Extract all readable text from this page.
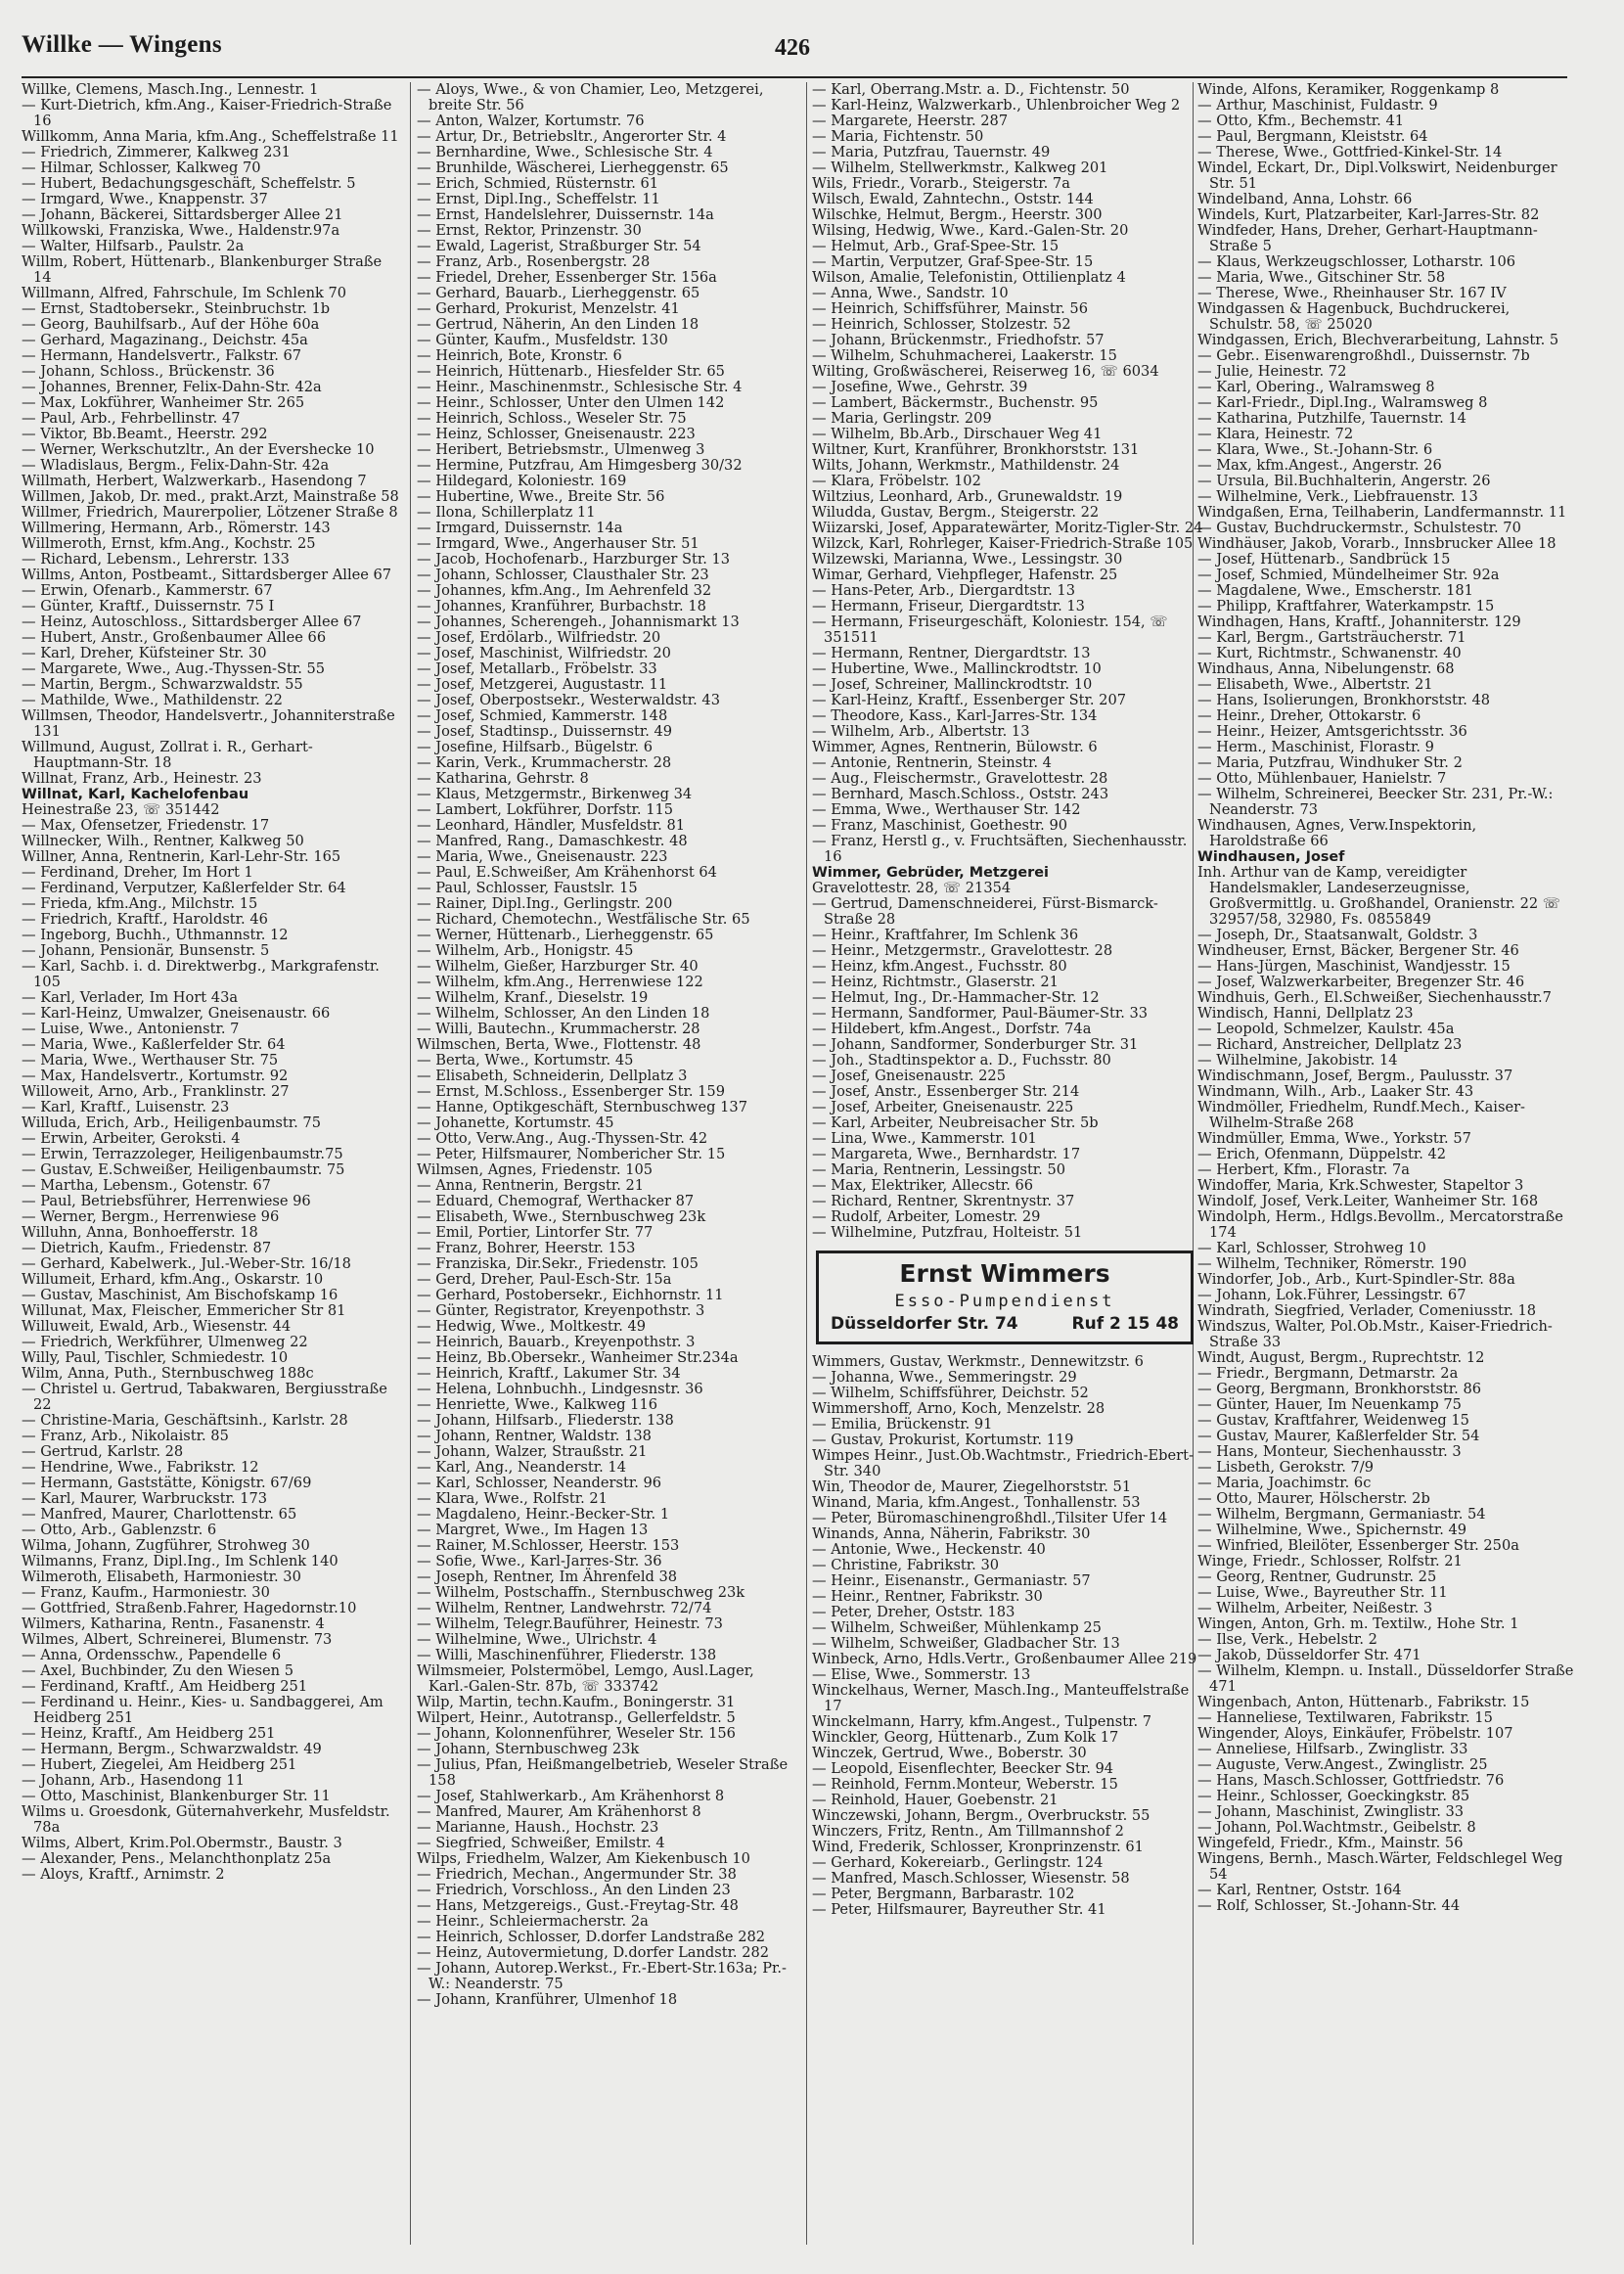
Willke — Wingens	426
Willke, Clemens, Masch.Ing., Lennestr. 1
— Kurt-Dietrich, kfm.Ang., Kaiser-Friedrich-Straße 16
Willkomm, Anna Maria, kfm.Ang., Scheffelstraße 11
— Friedrich, Zimmerer, Kalkweg 231
— Hilmar, Schlosser, Kalkweg 70
— Hubert, Bedachungsgeschäft, Scheffelstr. 5
— Irmgard, Wwe., Knappenstr. 37
— Johann, Bäckerei, Sittardsberger Allee 21
Willkowski, Franziska, Wwe., Haldenstr.97a
— Walter, Hilfsarb., Paulstr. 2a
Willm, Robert, Hüttenarb., Blankenburger Straße 14
Willmann, Alfred, Fahrschule, Im Schlenk 70
— Ernst, Stadtobersekr., Steinbruchstr. 1b
— Georg, Bauhilfsarb., Auf der Höhe 60a
— Gerhard, Magazinang., Deichstr. 45a
— Hermann, Handelsvertr., Falkstr. 67
— Johann, Schloss., Brückenstr. 36
— Johannes, Brenner, Felix-Dahn-Str. 42a
— Max, Lokführer, Wanheimer Str. 265
— Paul, Arb., Fehrbellinstr. 47
— Viktor, Bb.Beamt., Heerstr. 292
— Werner, Werkschutzltr., An der Evershecke 10
— Wladislaus, Bergm., Felix-Dahn-Str. 42a
Willmath, Herbert, Walzwerkarb., Hasendong 7
Willmen, Jakob, Dr. med., prakt.Arzt, Mainstraße 58
Willmer, Friedrich, Maurerpolier, Lötzener Straße 8
Willmering, Hermann, Arb., Römerstr. 143
Willmeroth, Ernst, kfm.Ang., Kochstr. 25
— Richard, Lebensm., Lehrerstr. 133
Willms, Anton, Postbeamt., Sittardsberger Allee 67
— Erwin, Ofenarb., Kammerstr. 67
— Günter, Kraftf., Duissernstr. 75 I
— Heinz, Autoschloss., Sittardsberger Allee 67
— Hubert, Anstr., Großenbaumer Allee 66
— Karl, Dreher, Küfsteiner Str. 30
— Margarete, Wwe., Aug.-Thyssen-Str. 55
— Martin, Bergm., Schwarzwaldstr. 55
— Mathilde, Wwe., Mathildenstr. 22
Willmsen, Theodor, Handelsvertr., Johanniterstraße 131
Willmund, August, Zollrat i. R., Gerhart-Hauptmann-Str. 18
Willnat, Franz, Arb., Heinestr. 23
Willnat, Karl, Kachelofenbau
Heinestraße 23, ☏ 351442
— Max, Ofensetzer, Friedenstr. 17
Willnecker, Wilh., Rentner, Kalkweg 50
Willner, Anna, Rentnerin, Karl-Lehr-Str. 165
— Ferdinand, Dreher, Im Hort 1
— Ferdinand, Verputzer, Kaßlerfelder Str. 64
— Frieda, kfm.Ang., Milchstr. 15
— Friedrich, Kraftf., Haroldstr. 46
— Ingeborg, Buchh., Uthmannstr. 12
— Johann, Pensionär, Bunsenstr. 5
— Karl, Sachb. i. d. Direktwerbg., Markgrafenstr. 105
— Karl, Verlader, Im Hort 43a
— Karl-Heinz, Umwalzer, Gneisenaustr. 66
— Luise, Wwe., Antonienstr. 7
— Maria, Wwe., Kaßlerfelder Str. 64
— Maria, Wwe., Werthauser Str. 75
— Max, Handelsvertr., Kortumstr. 92
Willoweit, Arno, Arb., Franklinstr. 27
— Karl, Kraftf., Luisenstr. 23
Willuda, Erich, Arb., Heiligenbaumstr. 75
— Erwin, Arbeiter, Geroksti. 4
— Erwin, Terrazzoleger, Heiligenbaumstr.75
— Gustav, E.Schweißer, Heiligenbaumstr. 75
— Martha, Lebensm., Gotenstr. 67
— Paul, Betriebsführer, Herrenwiese 96
— Werner, Bergm., Herrenwiese 96
Willuhn, Anna, Bonhoefferstr. 18
— Dietrich, Kaufm., Friedenstr. 87
— Gerhard, Kabelwerk., Jul.-Weber-Str. 16/18
Willumeit, Erhard, kfm.Ang., Oskarstr. 10
— Gustav, Maschinist, Am Bischofskamp 16
Willunat, Max, Fleischer, Emmericher Str 81
Willuweit, Ewald, Arb., Wiesenstr. 44
— Friedrich, Werkführer, Ulmenweg 22
Willy, Paul, Tischler, Schmiedestr. 10
Wilm, Anna, Puth., Sternbuschweg 188c
— Christel u. Gertrud, Tabakwaren, Bergiusstraße 22
— Christine-Maria, Geschäftsinh., Karlstr. 28
— Franz, Arb., Nikolaistr. 85
— Gertrud, Karlstr. 28
— Hendrine, Wwe., Fabrikstr. 12
— Hermann, Gaststätte, Königstr. 67/69
— Karl, Maurer, Warbruckstr. 173
— Manfred, Maurer, Charlottenstr. 65
— Otto, Arb., Gablenzstr. 6
Wilma, Johann, Zugführer, Strohweg 30
Wilmanns, Franz, Dipl.Ing., Im Schlenk 140
Wilmeroth, Elisabeth, Harmoniestr. 30
— Franz, Kaufm., Harmoniestr. 30
— Gottfried, Straßenb.Fahrer, Hagedornstr.10
Wilmers, Katharina, Rentn., Fasanenstr. 4
Wilmes, Albert, Schreinerei, Blumenstr. 73
— Anna, Ordensschw., Papendelle 6
— Axel, Buchbinder, Zu den Wiesen 5
— Ferdinand, Kraftf., Am Heidberg 251
— Ferdinand u. Heinr., Kies- u. Sandbaggerei, Am Heidberg 251
— Heinz, Kraftf., Am Heidberg 251
— Hermann, Bergm., Schwarzwaldstr. 49
— Hubert, Ziegelei, Am Heidberg 251
— Johann, Arb., Hasendong 11
— Otto, Maschinist, Blankenburger Str. 11
Wilms u. Groesdonk, Güternahverkehr, Musfeldstr. 78a
Wilms, Albert, Krim.Pol.Obermstr., Baustr. 3
— Alexander, Pens., Melanchthonplatz 25a
— Aloys, Kraftf., Arnimstr. 2
— Aloys, Wwe., & von Chamier, Leo, Metzgerei, breite Str. 56
— Anton, Walzer, Kortumstr. 76
— Artur, Dr., Betriebsltr., Angerorter Str. 4
— Bernhardine, Wwe., Schlesische Str. 4
— Brunhilde, Wäscherei, Lierheggenstr. 65
— Erich, Schmied, Rüsternstr. 61
— Ernst, Dipl.Ing., Scheffelstr. 11
— Ernst, Handelslehrer, Duissernstr. 14a
— Ernst, Rektor, Prinzenstr. 30
— Ewald, Lagerist, Straßburger Str. 54
— Franz, Arb., Rosenbergstr. 28
— Friedel, Dreher, Essenberger Str. 156a
— Gerhard, Bauarb., Lierheggenstr. 65
— Gerhard, Prokurist, Menzelstr. 41
— Gertrud, Näherin, An den Linden 18
— Günter, Kaufm., Musfeldstr. 130
— Heinrich, Bote, Kronstr. 6
— Heinrich, Hüttenarb., Hiesfelder Str. 65
— Heinr., Maschinenmstr., Schlesische Str. 4
— Heinr., Schlosser, Unter den Ulmen 142
— Heinrich, Schloss., Weseler Str. 75
— Heinz, Schlosser, Gneisenaustr. 223
— Heribert, Betriebsmstr., Ulmenweg 3
— Hermine, Putzfrau, Am Himgesberg 30/32
— Hildegard, Koloniestr. 169
— Hubertine, Wwe., Breite Str. 56
— Ilona, Schillerplatz 11
— Irmgard, Duissernstr. 14a
— Irmgard, Wwe., Angerhauser Str. 51
— Jacob, Hochofenarb., Harzburger Str. 13
— Johann, Schlosser, Clausthaler Str. 23
— Johannes, kfm.Ang., Im Aehrenfeld 32
— Johannes, Kranführer, Burbachstr. 18
— Johannes, Scherengeh., Johannismarkt 13
— Josef, Erdölarb., Wilfriedstr. 20
— Josef, Maschinist, Wilfriedstr. 20
— Josef, Metallarb., Fröbelstr. 33
— Josef, Metzgerei, Augustastr. 11
— Josef, Oberpostsekr., Westerwaldstr. 43
— Josef, Schmied, Kammerstr. 148
— Josef, Stadtinsp., Duissernstr. 49
— Josefine, Hilfsarb., Bügelstr. 6
— Karin, Verk., Krummacherstr. 28
— Katharina, Gehrstr. 8
— Klaus, Metzgermstr., Birkenweg 34
— Lambert, Lokführer, Dorfstr. 115
— Leonhard, Händler, Musfeldstr. 81
— Manfred, Rang., Damaschkestr. 48
— Maria, Wwe., Gneisenaustr. 223
— Paul, E.Schweißer, Am Krähenhorst 64
— Paul, Schlosser, Faustslr. 15
— Rainer, Dipl.Ing., Gerlingstr. 200
— Richard, Chemotechn., Westfälische Str. 65
— Werner, Hüttenarb., Lierheggenstr. 65
— Wilhelm, Arb., Honigstr. 45
— Wilhelm, Gießer, Harzburger Str. 40
— Wilhelm, kfm.Ang., Herrenwiese 122
— Wilhelm, Kranf., Dieselstr. 19
— Wilhelm, Schlosser, An den Linden 18
— Willi, Bautechn., Krummacherstr. 28
Wilmschen, Berta, Wwe., Flottenstr. 48
— Berta, Wwe., Kortumstr. 45
— Elisabeth, Schneiderin, Dellplatz 3
— Ernst, M.Schloss., Essenberger Str. 159
— Hanne, Optikgeschäft, Sternbuschweg 137
— Johanette, Kortumstr. 45
— Otto, Verw.Ang., Aug.-Thyssen-Str. 42
— Peter, Hilfsmaurer, Nombericher Str. 15
Wilmsen, Agnes, Friedenstr. 105
— Anna, Rentnerin, Bergstr. 21
— Eduard, Chemograf, Werthacker 87
— Elisabeth, Wwe., Sternbuschweg 23k
— Emil, Portier, Lintorfer Str. 77
— Franz, Bohrer, Heerstr. 153
— Franziska, Dir.Sekr., Friedenstr. 105
— Gerd, Dreher, Paul-Esch-Str. 15a
— Gerhard, Postobersekr., Eichhornstr. 11
— Günter, Registrator, Kreyenpothstr. 3
— Hedwig, Wwe., Moltkestr. 49
— Heinrich, Bauarb., Kreyenpothstr. 3
— Heinz, Bb.Obersekr., Wanheimer Str.234a
— Heinrich, Kraftf., Lakumer Str. 34
— Helena, Lohnbuchh., Lindgesnstr. 36
— Henriette, Wwe., Kalkweg 116
— Johann, Hilfsarb., Fliederstr. 138
— Johann, Rentner, Waldstr. 138
— Johann, Walzer, Straußstr. 21
— Karl, Ang., Neanderstr. 14
— Karl, Schlosser, Neanderstr. 96
— Klara, Wwe., Rolfstr. 21
— Magdaleno, Heinr.-Becker-Str. 1
— Margret, Wwe., Im Hagen 13
— Rainer, M.Schlosser, Heerstr. 153
— Sofie, Wwe., Karl-Jarres-Str. 36
— Joseph, Rentner, Im Ährenfeld 38
— Wilhelm, Postschaffn., Sternbuschweg 23k
— Wilhelm, Rentner, Landwehrstr. 72/74
— Wilhelm, Telegr.Bauführer, Heinestr. 73
— Wilhelmine, Wwe., Ulrichstr. 4
— Willi, Maschinenführer, Fliederstr. 138
Wilmsmeier, Polstermöbel, Lemgo, Ausl.Lager, Karl.-Galen-Str. 87b, ☏ 333742
Wilp, Martin, techn.Kaufm., Boningerstr. 31
Wilpert, Heinr., Autotransp., Gellerfeldstr. 5
— Johann, Kolonnenführer, Weseler Str. 156
— Johann, Sternbuschweg 23k
— Julius, Pfan, Heißmangelbetrieb, Weseler Straße 158
— Josef, Stahlwerkarb., Am Krähenhorst 8
— Manfred, Maurer, Am Krähenhorst 8
— Marianne, Haush., Hochstr. 23
— Siegfried, Schweißer, Emilstr. 4
Wilps, Friedhelm, Walzer, Am Kiekenbusch 10
— Friedrich, Mechan., Angermunder Str. 38
— Friedrich, Vorschloss., An den Linden 23
— Hans, Metzgereigs., Gust.-Freytag-Str. 48
— Heinr., Schleiermacherstr. 2a
— Heinrich, Schlosser, D.dorfer Landstraße 282
— Heinz, Autovermietung, D.dorfer Landstr. 282
— Johann, Autorep.Werkst., Fr.-Ebert-Str.163a; Pr.-W.: Neanderstr. 75
— Johann, Kranführer, Ulmenhof 18
— Karl, Oberrang.Mstr. a. D., Fichtenstr. 50
— Karl-Heinz, Walzwerkarb., Uhlenbroicher Weg 2
— Margarete, Heerstr. 287
— Maria, Fichtenstr. 50
— Maria, Putzfrau, Tauernstr. 49
— Wilhelm, Stellwerkmstr., Kalkweg 201
Wils, Friedr., Vorarb., Steigerstr. 7a
Wilsch, Ewald, Zahntechn., Oststr. 144
Wilschke, Helmut, Bergm., Heerstr. 300
Wilsing, Hedwig, Wwe., Kard.-Galen-Str. 20
— Helmut, Arb., Graf-Spee-Str. 15
— Martin, Verputzer, Graf-Spee-Str. 15
Wilson, Amalie, Telefonistin, Ottilienplatz 4
— Anna, Wwe., Sandstr. 10
— Heinrich, Schiffsführer, Mainstr. 56
— Heinrich, Schlosser, Stolzestr. 52
— Johann, Brückenmstr., Friedhofstr. 57
— Wilhelm, Schuhmacherei, Laakerstr. 15
Wilting, Großwäscherei, Reiserweg 16, ☏ 6034
— Josefine, Wwe., Gehrstr. 39
— Lambert, Bäckermstr., Buchenstr. 95
— Maria, Gerlingstr. 209
— Wilhelm, Bb.Arb., Dirschauer Weg 41
Wiltner, Kurt, Kranführer, Bronkhorststr. 131
Wilts, Johann, Werkmstr., Mathildenstr. 24
— Klara, Fröbelstr. 102
Wiltzius, Leonhard, Arb., Grunewaldstr. 19
Wiludda, Gustav, Bergm., Steigerstr. 22
Wiizarski, Josef, Apparatewärter, Moritz-Tigler-Str. 24
Wilzck, Karl, Rohrleger, Kaiser-Friedrich-Straße 105
Wilzewski, Marianna, Wwe., Lessingstr. 30
Wimar, Gerhard, Viehpfleger, Hafenstr. 25
— Hans-Peter, Arb., Diergardtstr. 13
— Hermann, Friseur, Diergardtstr. 13
— Hermann, Friseurgeschäft, Koloniestr. 154, ☏ 351511
— Hermann, Rentner, Diergardtstr. 13
— Hubertine, Wwe., Mallinckrodtstr. 10
— Josef, Schreiner, Mallinckrodtstr. 10
— Karl-Heinz, Kraftf., Essenberger Str. 207
— Theodore, Kass., Karl-Jarres-Str. 134
— Wilhelm, Arb., Albertstr. 13
Wimmer, Agnes, Rentnerin, Bülowstr. 6
— Antonie, Rentnerin, Steinstr. 4
— Aug., Fleischermstr., Gravelottestr. 28
— Bernhard, Masch.Schloss., Oststr. 243
— Emma, Wwe., Werthauser Str. 142
— Franz, Maschinist, Goethestr. 90
— Franz, Herstl g., v. Fruchtsäften, Siechenhausstr. 16
Wimmer, Gebrüder, Metzgerei
Gravelottestr. 28, ☏ 21354
— Gertrud, Damenschneiderei, Fürst-Bismarck-Straße 28
— Heinr., Kraftfahrer, Im Schlenk 36
— Heinr., Metzgermstr., Gravelottestr. 28
— Heinz, kfm.Angest., Fuchsstr. 80
— Heinz, Richtmstr., Glaserstr. 21
— Helmut, Ing., Dr.-Hammacher-Str. 12
— Hermann, Sandformer, Paul-Bäumer-Str. 33
— Hildebert, kfm.Angest., Dorfstr. 74a
— Johann, Sandformer, Sonderburger Str. 31
— Joh., Stadtinspektor a. D., Fuchsstr. 80
— Josef, Gneisenaustr. 225
— Josef, Anstr., Essenberger Str. 214
— Josef, Arbeiter, Gneisenaustr. 225
— Karl, Arbeiter, Neubreisacher Str. 5b
— Lina, Wwe., Kammerstr. 101
— Margareta, Wwe., Bernhardstr. 17
— Maria, Rentnerin, Lessingstr. 50
— Max, Elektriker, Allecstr. 66
— Richard, Rentner, Skrentnystr. 37
— Rudolf, Arbeiter, Lomestr. 29
— Wilhelmine, Putzfrau, Holteistr. 51
Ernst Wimmers
Esso-Pumpendienst
Düsseldorfer Str. 74	Ruf 2 15 48
Wimmers, Gustav, Werkmstr., Dennewitzstr. 6
— Johanna, Wwe., Semmeringstr. 29
— Wilhelm, Schiffsführer, Deichstr. 52
Wimmershoff, Arno, Koch, Menzelstr. 28
— Emilia, Brückenstr. 91
— Gustav, Prokurist, Kortumstr. 119
Wimpes Heinr., Just.Ob.Wachtmstr., Friedrich-Ebert-Str. 340
Win, Theodor de, Maurer, Ziegelhorststr. 51
Winand, Maria, kfm.Angest., Tonhallenstr. 53
— Peter, Büromaschinengroßhdl.,Tilsiter Ufer 14
Winands, Anna, Näherin, Fabrikstr. 30
— Antonie, Wwe., Heckenstr. 40
— Christine, Fabrikstr. 30
— Heinr., Eisenanstr., Germaniastr. 57
— Heinr., Rentner, Fabrikstr. 30
— Peter, Dreher, Oststr. 183
— Wilhelm, Schweißer, Mühlenkamp 25
— Wilhelm, Schweißer, Gladbacher Str. 13
Winbeck, Arno, Hdls.Vertr., Großenbaumer Allee 219
— Elise, Wwe., Sommerstr. 13
Winckelhaus, Werner, Masch.Ing., Manteuffelstraße 17
Winckelmann, Harry, kfm.Angest., Tulpenstr. 7
Winckler, Georg, Hüttenarb., Zum Kolk 17
Winczek, Gertrud, Wwe., Boberstr. 30
— Leopold, Eisenflechter, Beecker Str. 94
— Reinhold, Fernm.Monteur, Weberstr. 15
— Reinhold, Hauer, Goebenstr. 21
Winczewski, Johann, Bergm., Overbruckstr. 55
Winczers, Fritz, Rentn., Am Tillmannshof 2
Wind, Frederik, Schlosser, Kronprinzenstr. 61
— Gerhard, Kokereiarb., Gerlingstr. 124
— Manfred, Masch.Schlosser, Wiesenstr. 58
— Peter, Bergmann, Barbarastr. 102
— Peter, Hilfsmaurer, Bayreuther Str. 41
Winde, Alfons, Keramiker, Roggenkamp 8
— Arthur, Maschinist, Fuldastr. 9
— Otto, Kfm., Bechemstr. 41
— Paul, Bergmann, Kleiststr. 64
— Therese, Wwe., Gottfried-Kinkel-Str. 14
Windel, Eckart, Dr., Dipl.Volkswirt, Neidenburger Str. 51
Windelband, Anna, Lohstr. 66
Windels, Kurt, Platzarbeiter, Karl-Jarres-Str. 82
Windfeder, Hans, Dreher, Gerhart-Hauptmann-Straße 5
— Klaus, Werkzeugschlosser, Lotharstr. 106
— Maria, Wwe., Gitschiner Str. 58
— Therese, Wwe., Rheinhauser Str. 167 IV
Windgassen & Hagenbuck, Buchdruckerei, Schulstr. 58, ☏ 25020
Windgassen, Erich, Blechverarbeitung, Lahnstr. 5
— Gebr.. Eisenwarengroßhdl., Duissernstr. 7b
— Julie, Heinestr. 72
— Karl, Obering., Walramsweg 8
— Karl-Friedr., Dipl.Ing., Walramsweg 8
— Katharina, Putzhilfe, Tauernstr. 14
— Klara, Heinestr. 72
— Klara, Wwe., St.-Johann-Str. 6
— Max, kfm.Angest., Angerstr. 26
— Ursula, Bil.Buchhalterin, Angerstr. 26
— Wilhelmine, Verk., Liebfrauenstr. 13
Windgaßen, Erna, Teilhaberin, Landfermannstr. 11
— Gustav, Buchdruckermstr., Schulstestr. 70
Windhäuser, Jakob, Vorarb., Innsbrucker Allee 18
— Josef, Hüttenarb., Sandbrück 15
— Josef, Schmied, Mündelheimer Str. 92a
— Magdalene, Wwe., Emscherstr. 181
— Philipp, Kraftfahrer, Waterkampstr. 15
Windhagen, Hans, Kraftf., Johanniterstr. 129
— Karl, Bergm., Gartsträucherstr. 71
— Kurt, Richtmstr., Schwanenstr. 40
Windhaus, Anna, Nibelungenstr. 68
— Elisabeth, Wwe., Albertstr. 21
— Hans, Isolierungen, Bronkhorststr. 48
— Heinr., Dreher, Ottokarstr. 6
— Heinr., Heizer, Amtsgerichtsstr. 36
— Herm., Maschinist, Florastr. 9
— Maria, Putzfrau, Windhuker Str. 2
— Otto, Mühlenbauer, Hanielstr. 7
— Wilhelm, Schreinerei, Beecker Str. 231, Pr.-W.: Neanderstr. 73
Windhausen, Agnes, Verw.Inspektorin, Haroldstraße 66
Windhausen, Josef
Inh. Arthur van de Kamp, vereidigter Handelsmakler, Landeserzeugnisse, Großvermittlg. u. Großhandel, Oranienstr. 22 ☏ 32957/58, 32980, Fs. 0855849
— Joseph, Dr., Staatsanwalt, Goldstr. 3
Windheuser, Ernst, Bäcker, Bergener Str. 46
— Hans-Jürgen, Maschinist, Wandjesstr. 15
— Josef, Walzwerkarbeiter, Bregenzer Str. 46
Windhuis, Gerh., El.Schweißer, Siechenhausstr.7
Windisch, Hanni, Dellplatz 23
— Leopold, Schmelzer, Kaulstr. 45a
— Richard, Anstreicher, Dellplatz 23
— Wilhelmine, Jakobistr. 14
Windischmann, Josef, Bergm., Paulusstr. 37
Windmann, Wilh., Arb., Laaker Str. 43
Windmöller, Friedhelm, Rundf.Mech., Kaiser-Wilhelm-Straße 268
Windmüller, Emma, Wwe., Yorkstr. 57
— Erich, Ofenmann, Düppelstr. 42
— Herbert, Kfm., Florastr. 7a
Windoffer, Maria, Krk.Schwester, Stapeltor 3
Windolf, Josef, Verk.Leiter, Wanheimer Str. 168
Windolph, Herm., Hdlgs.Bevollm., Mercatorstraße 174
— Karl, Schlosser, Strohweg 10
— Wilhelm, Techniker, Römerstr. 190
Windorfer, Job., Arb., Kurt-Spindler-Str. 88a
— Johann, Lok.Führer, Lessingstr. 67
Windrath, Siegfried, Verlader, Comeniusstr. 18
Windszus, Walter, Pol.Ob.Mstr., Kaiser-Friedrich-Straße 33
Windt, August, Bergm., Ruprechtstr. 12
— Friedr., Bergmann, Detmarstr. 2a
— Georg, Bergmann, Bronkhorststr. 86
— Günter, Hauer, Im Neuenkamp 75
— Gustav, Kraftfahrer, Weidenweg 15
— Gustav, Maurer, Kaßlerfelder Str. 54
— Hans, Monteur, Siechenhausstr. 3
— Lisbeth, Gerokstr. 7/9
— Maria, Joachimstr. 6c
— Otto, Maurer, Hölscherstr. 2b
— Wilhelm, Bergmann, Germaniastr. 54
— Wilhelmine, Wwe., Spichernstr. 49
— Winfried, Bleilöter, Essenberger Str. 250a
Winge, Friedr., Schlosser, Rolfstr. 21
— Georg, Rentner, Gudrunstr. 25
— Luise, Wwe., Bayreuther Str. 11
— Wilhelm, Arbeiter, Neißestr. 3
Wingen, Anton, Grh. m. Textilw., Hohe Str. 1
— Ilse, Verk., Hebelstr. 2
— Jakob, Düsseldorfer Str. 471
— Wilhelm, Klempn. u. Install., Düsseldorfer Straße 471
Wingenbach, Anton, Hüttenarb., Fabrikstr. 15
— Hanneliese, Textilwaren, Fabrikstr. 15
Wingender, Aloys, Einkäufer, Fröbelstr. 107
— Anneliese, Hilfsarb., Zwinglistr. 33
— Auguste, Verw.Angest., Zwinglistr. 25
— Hans, Masch.Schlosser, Gottfriedstr. 76
— Heinr., Schlosser, Goeckingkstr. 85
— Johann, Maschinist, Zwinglistr. 33
— Johann, Pol.Wachtmstr., Geibelstr. 8
Wingefeld, Friedr., Kfm., Mainstr. 56
Wingens, Bernh., Masch.Wärter, Feldschlegel Weg 54
— Karl, Rentner, Oststr. 164
— Rolf, Schlosser, St.-Johann-Str. 44
